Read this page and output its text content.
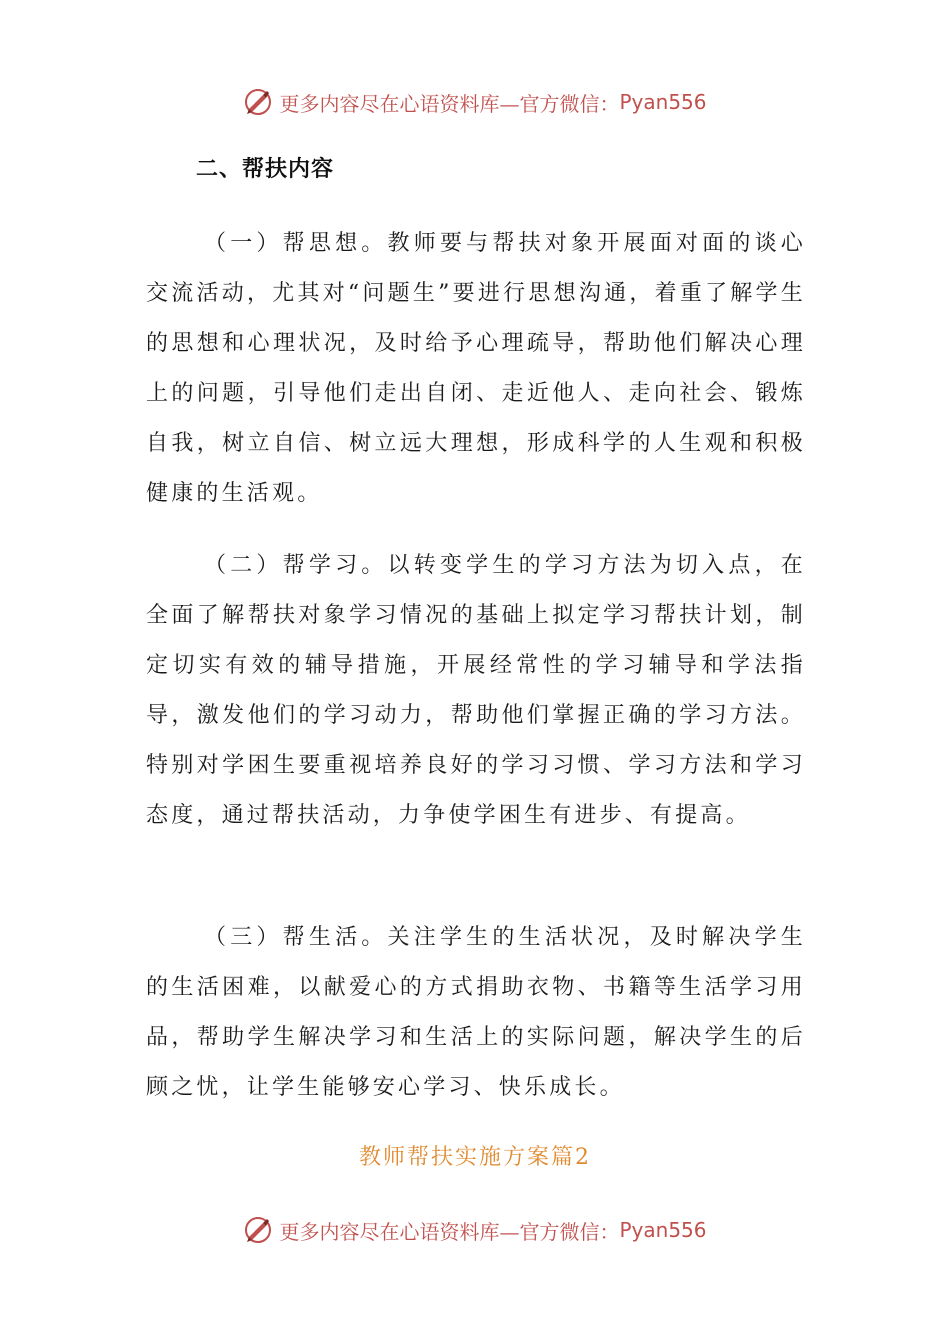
更多内容尽在心语资料库—官方微信： Pyan556
二、帮扶内容

（一）帮思想。教师要与帮扶对象开展面对面的谈心交流活动，尤其对“问题生”要进行思想沟通，着重了解学生的思想和心理状况，及时给予心理疏导，帮助他们解决心理上的问题，引导他们走出自闭、走近他人、走向社会、锻炼自我，树立自信、树立远大理想，形成科学的人生观和积极健康的生活观。

（二）帮学习。以转变学生的学习方法为切入点，在全面了解帮扶对象学习情况的基础上拟定学习帮扶计划，制定切实有效的辅导措施，开展经常性的学习辅导和学法指导，激发他们的学习动力，帮助他们掌握正确的学习方法。特别对学困生要重视培养良好的学习习惯、学习方法和学习态度，通过帮扶活动，力争使学困生有进步、有提高。

（三）帮生活。关注学生的生活状况，及时解决学生的生活困难，以献爱心的方式捐助衣物、书籍等生活学习用品，帮助学生解决学习和生活上的实际问题，解决学生的后顾之忧，让学生能够安心学习、快乐成长。

教师帮扶实施方案篇2
更多内容尽在心语资料库—官方微信： Pyan556
